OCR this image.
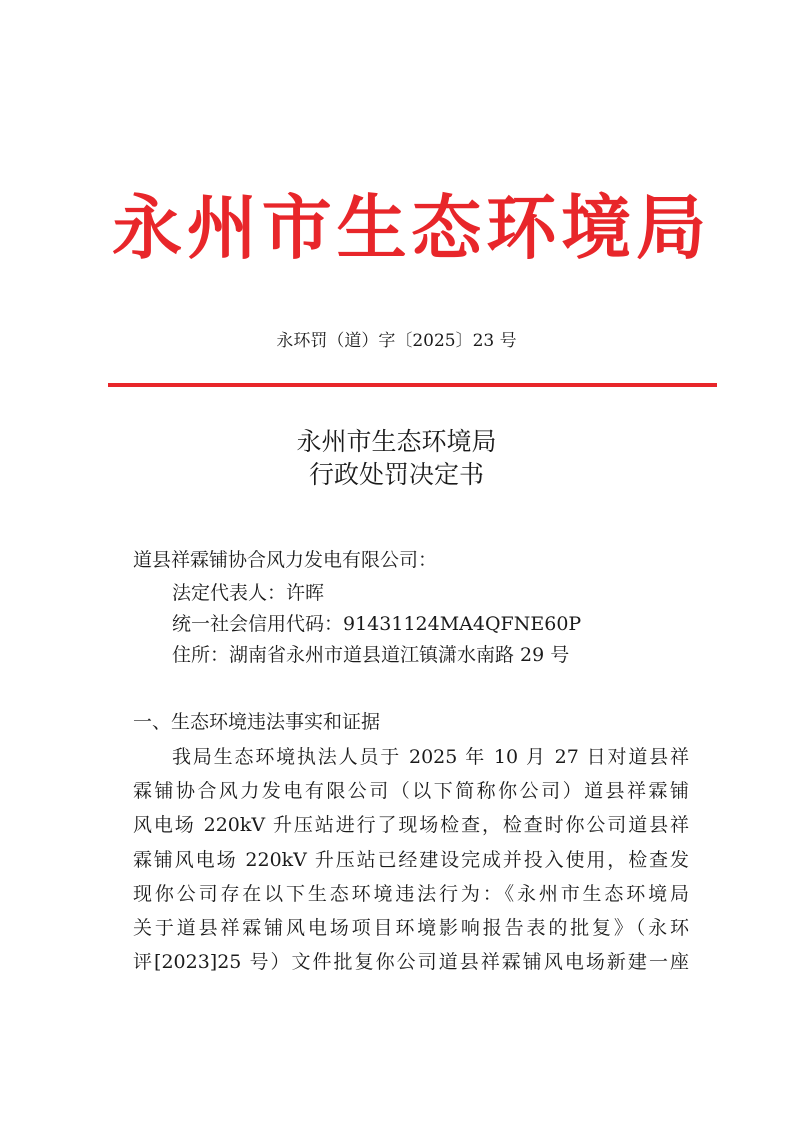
永州市生态环境局
永环罚（道）字〔2025〕23 号
永州市生态环境局
行政处罚决定书
道县祥霖铺协合风力发电有限公司：
法定代表人：许晖
统一社会信用代码：91431124MA4QFNE60P
住所：湖南省永州市道县道江镇潇水南路 29 号
一、生态环境违法事实和证据
我局生态环境执法人员于 2025 年 10 月 27 日对道县祥
霖铺协合风力发电有限公司（以下简称你公司）道县祥霖铺
风电场 220kV 升压站进行了现场检查，检查时你公司道县祥
霖铺风电场 220kV 升压站已经建设完成并投入使用，检查发
现你公司存在以下生态环境违法行为：《永州市生态环境局
关于道县祥霖铺风电场项目环境影响报告表的批复》（永环
评[2023]25 号）文件批复你公司道县祥霖铺风电场新建一座
